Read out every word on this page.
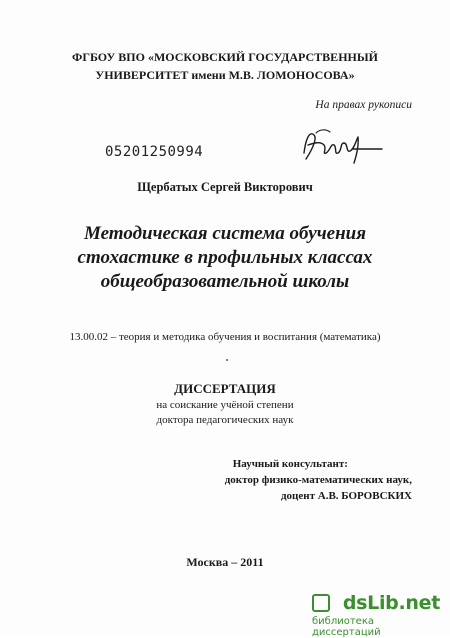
ФГБОУ ВПО «МОСКОВСКИЙ ГОСУДАРСТВЕННЫЙ
УНИВЕРСИТЕТ имени М.В. ЛОМОНОСОВА»
На правах рукописи
05201250994
Щербатых Сергей Викторович
Методическая система обучения
стохастике в профильных классах
общеобразовательной школы
13.00.02 – теория и методика обучения и воспитания (математика)
ДИССЕРТАЦИЯ
на соискание учёной степени
доктора педагогических наук
Научный консультант:
доктор физико-математических наук,
доцент А.В. БОРОВСКИХ
Москва – 2011
dsLib.net
библиотека диссертаций
